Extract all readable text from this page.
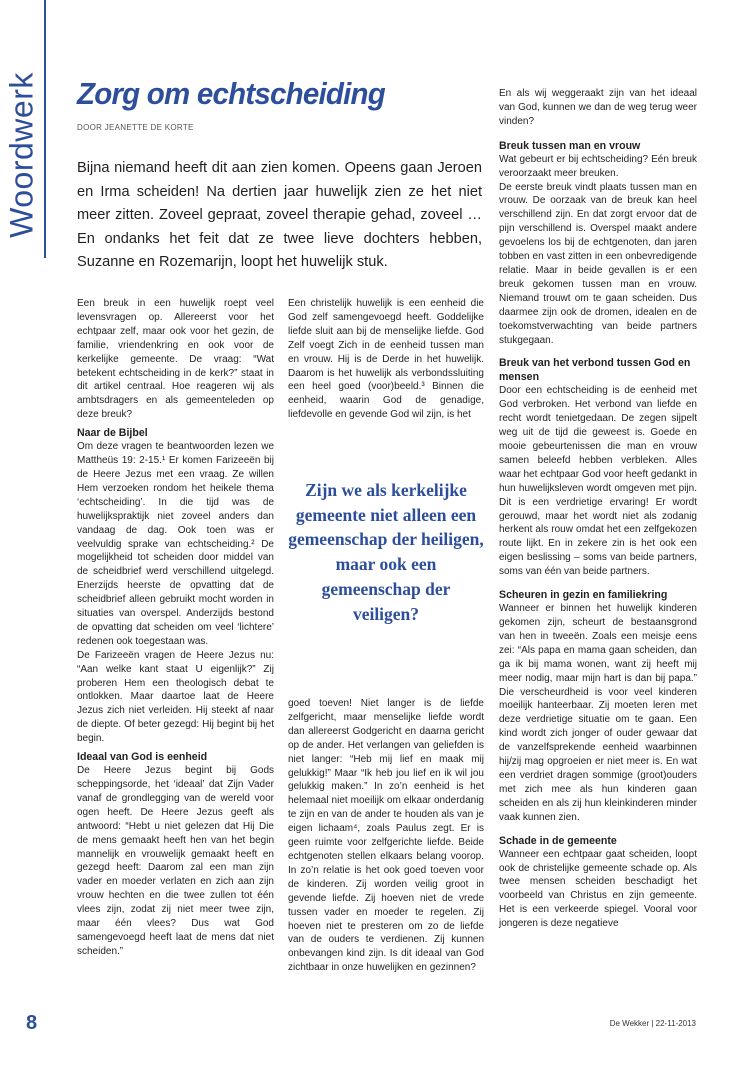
Woordwerk Zorg om echtscheiding
DOOR JEANETTE DE KORTE

Bijna niemand heeft dit aan zien komen. Opeens gaan Jeroen en Irma scheiden! Na dertien jaar huwelijk zien ze het niet meer zitten. Zoveel gepraat, zoveel therapie gehad, zoveel … En ondanks het feit dat ze twee lieve dochters hebben, Suzanne en Rozemarijn, loopt het huwelijk stuk.

Een breuk in een huwelijk roept veel levensvragen op. Allereerst voor het echtpaar zelf, maar ook voor het gezin, de familie, vriendenkring en ook voor de kerkelijke gemeente. De vraag: “Wat betekent echtscheiding in de kerk?” staat in dit artikel centraal. Hoe reageren wij als ambtsdragers en als gemeenteleden op deze breuk?

Naar de Bijbel

Om deze vragen te beantwoorden lezen we Mattheüs 19: 2-15.¹ Er komen Farizeeën bij de Heere Jezus met een vraag. Ze willen Hem verzoeken rondom het heikele thema ‘echtscheiding’. In die tijd was de huwelijkspraktijk niet zoveel anders dan vandaag de dag. Ook toen was er veelvuldig sprake van echtscheiding.² De mogelijkheid tot scheiden door middel van de scheidbrief werd verschillend uitgelegd. Enerzijds heerste de opvatting dat de scheidbrief alleen gebruikt mocht worden in situaties van overspel. Anderzijds bestond de opvatting dat scheiden om veel ‘lichtere’ redenen ook toegestaan was.

De Farizeeën vragen de Heere Jezus nu: “Aan welke kant staat U eigenlijk?” Zij proberen Hem een theologisch debat te ontlokken. Maar daartoe laat de Heere Jezus zich niet verleiden. Hij steekt af naar de diepte. Of beter gezegd: Hij begint bij het begin.

Ideaal van God is eenheid

De Heere Jezus begint bij Gods scheppingsorde, het ‘ideaal’ dat Zijn Vader vanaf de grondlegging van de wereld voor ogen heeft. De Heere Jezus geeft als antwoord: “Hebt u niet gelezen dat Hij Die de mens gemaakt heeft hen van het begin mannelijk en vrouwelijk gemaakt heeft en gezegd heeft: Daarom zal een man zijn vader en moeder verlaten en zich aan zijn vrouw hechten en die twee zullen tot één vlees zijn, zodat zij niet meer twee zijn, maar één vlees? Dus wat God samengevoegd heeft laat de mens dat niet scheiden.”

Een christelijk huwelijk is een eenheid die God zelf samengevoegd heeft. Goddelijke liefde sluit aan bij de menselijke liefde. God Zelf voegt Zich in de eenheid tussen man en vrouw. Hij is de Derde in het huwelijk. Daarom is het huwelijk als verbondssluiting een heel goed (voor)beeld.³ Binnen die eenheid, waarin God de genadige, liefdevolle en gevende God wil zijn, is het

Zijn we als kerkelijke gemeente niet alleen een gemeenschap der heiligen, maar ook een gemeenschap der veiligen?

goed toeven! Niet langer is de liefde zelfgericht, maar menselijke liefde wordt dan allereerst Godgericht en daarna gericht op de ander. Het verlangen van geliefden is niet langer: “Heb mij lief en maak mij gelukkig!” Maar “Ik heb jou lief en ik wil jou gelukkig maken.” In zo’n eenheid is het helemaal niet moeilijk om elkaar onderdanig te zijn en van de ander te houden als van je eigen lichaam⁴, zoals Paulus zegt. Er is geen ruimte voor zelfgerichte liefde. Beide echtgenoten stellen elkaars belang voorop. In zo’n relatie is het ook goed toeven voor de kinderen. Zij worden veilig groot in gevende liefde. Zij hoeven niet de vrede tussen vader en moeder te regelen. Zij hoeven niet te presteren om zo de liefde van de ouders te verdienen. Zij kunnen onbevangen kind zijn. Is dit ideaal van God zichtbaar in onze huwelijken en gezinnen?

En als wij weggeraakt zijn van het ideaal van God, kunnen we dan de weg terug weer vinden?

Breuk tussen man en vrouw

Wat gebeurt er bij echtscheiding? Eén breuk veroorzaakt meer breuken.

De eerste breuk vindt plaats tussen man en vrouw. De oorzaak van de breuk kan heel verschillend zijn. En dat zorgt ervoor dat de pijn verschillend is. Overspel maakt andere gevoelens los bij de echtgenoten, dan jaren tobben en vast zitten in een onbevredigende relatie. Maar in beide gevallen is er een breuk gekomen tussen man en vrouw. Niemand trouwt om te gaan scheiden. Dus daarmee zijn ook de dromen, idealen en de toekomstverwachting van beide partners stukgegaan.

Breuk van het verbond tussen God en mensen

Door een echtscheiding is de eenheid met God verbroken. Het verbond van liefde en recht wordt tenietgedaan. De zegen sijpelt weg uit de tijd die geweest is. Goede en mooie gebeurtenissen die man en vrouw samen beleefd hebben verbleken. Alles waar het echtpaar God voor heeft gedankt in hun huwelijksleven wordt omgeven met pijn. Dit is een verdrietige ervaring! Er wordt gerouwd, maar het wordt niet als zodanig herkent als rouw omdat het een zelfgekozen route lijkt. En in zekere zin is het ook een eigen beslissing – soms van beide partners, soms van één van beide partners.

Scheuren in gezin en familiekring

Wanneer er binnen het huwelijk kinderen gekomen zijn, scheurt de bestaansgrond van hen in tweeën. Zoals een meisje eens zei: “Als papa en mama gaan scheiden, dan ga ik bij mama wonen, want zij heeft mij meer nodig, maar mijn hart is dan bij papa.” Die verscheurdheid is voor veel kinderen moeilijk hanteerbaar. Zij moeten leren met deze verdrietige situatie om te gaan. Een kind wordt zich jonger of ouder gewaar dat de vanzelfsprekende eenheid waarbinnen hij/zij mag opgroeien er niet meer is. En wat een verdriet dragen sommige (groot)ouders met zich mee als hun kinderen gaan scheiden en als zij hun kleinkinderen minder vaak kunnen zien.

Schade in de gemeente

Wanneer een echtpaar gaat scheiden, loopt ook de christelijke gemeente schade op. Als twee mensen scheiden beschadigt het voorbeeld van Christus en zijn gemeente. Het is een verkeerde spiegel. Vooral voor jongeren is deze negatieve

8	De Wekker | 22-11-2013
